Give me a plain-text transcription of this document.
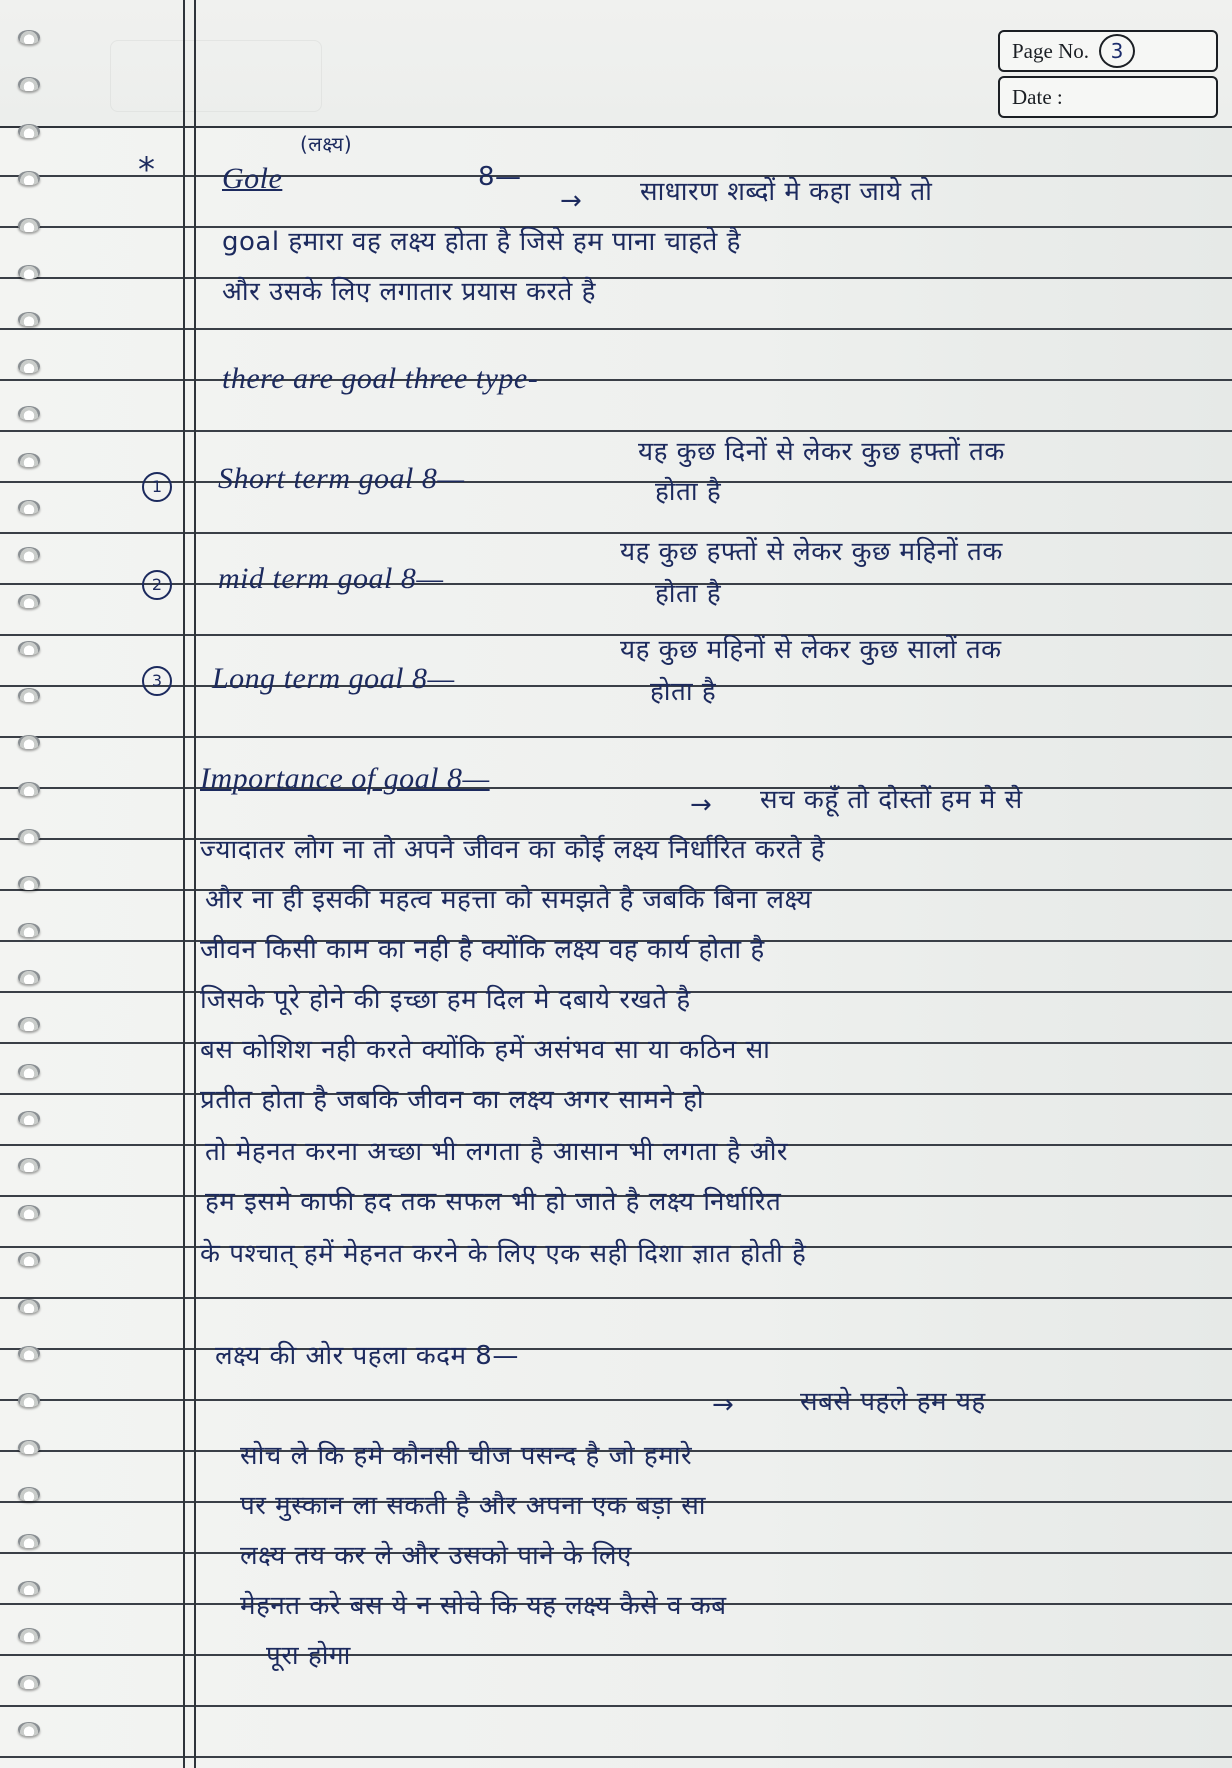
Page No.	3
Date :
* Gole
(लक्ष्य)
8—
→ साधारण शब्दों मे कहा जाये तो
goal हमारा वह लक्ष्य होता है जिसे हम पाना चाहते है
और उसके लिए लगातार प्रयास करते है
there are goal three type-
1	Short term goal 8—
यह कुछ दिनों से लेकर कुछ हफ्तों तक
होता है
2	mid term goal 8—
यह कुछ हफ्तों से लेकर कुछ महिनों तक
होता है
3	Long term goal 8—
यह कुछ महिनों से लेकर कुछ सालों तक
होता है
Importance of goal 8—
→ सच कहूँ तो दोस्तों हम मे से
ज्यादातर लोग ना तो अपने जीवन का कोई लक्ष्य निर्धारित करते है
और ना ही इसकी महत्व महत्ता को समझते है जबकि बिना लक्ष्य
जीवन किसी काम का नही है क्योंकि लक्ष्य वह कार्य होता है
जिसके पूरे होने की इच्छा हम दिल मे दबाये रखते है
बस कोशिश नही करते क्योंकि हमें असंभव सा या कठिन सा
प्रतीत होता है जबकि जीवन का लक्ष्य अगर सामने हो
तो मेहनत करना अच्छा भी लगता है आसान भी लगता है और
हम इसमे काफी हद तक सफल भी हो जाते है लक्ष्य निर्धारित
के पश्चात् हमें मेहनत करने के लिए एक सही दिशा ज्ञात होती है
लक्ष्य की ओर पहला कदम 8—
→	सबसे पहले हम यह
सोच ले कि हमे कौनसी चीज पसन्द है जो हमारे
पर मुस्कान ला सकती है और अपना एक बड़ा सा
लक्ष्य तय कर ले और उसको पाने के लिए
मेहनत करे बस ये न सोचे कि यह लक्ष्य कैसे व कब
पूरा होगा
